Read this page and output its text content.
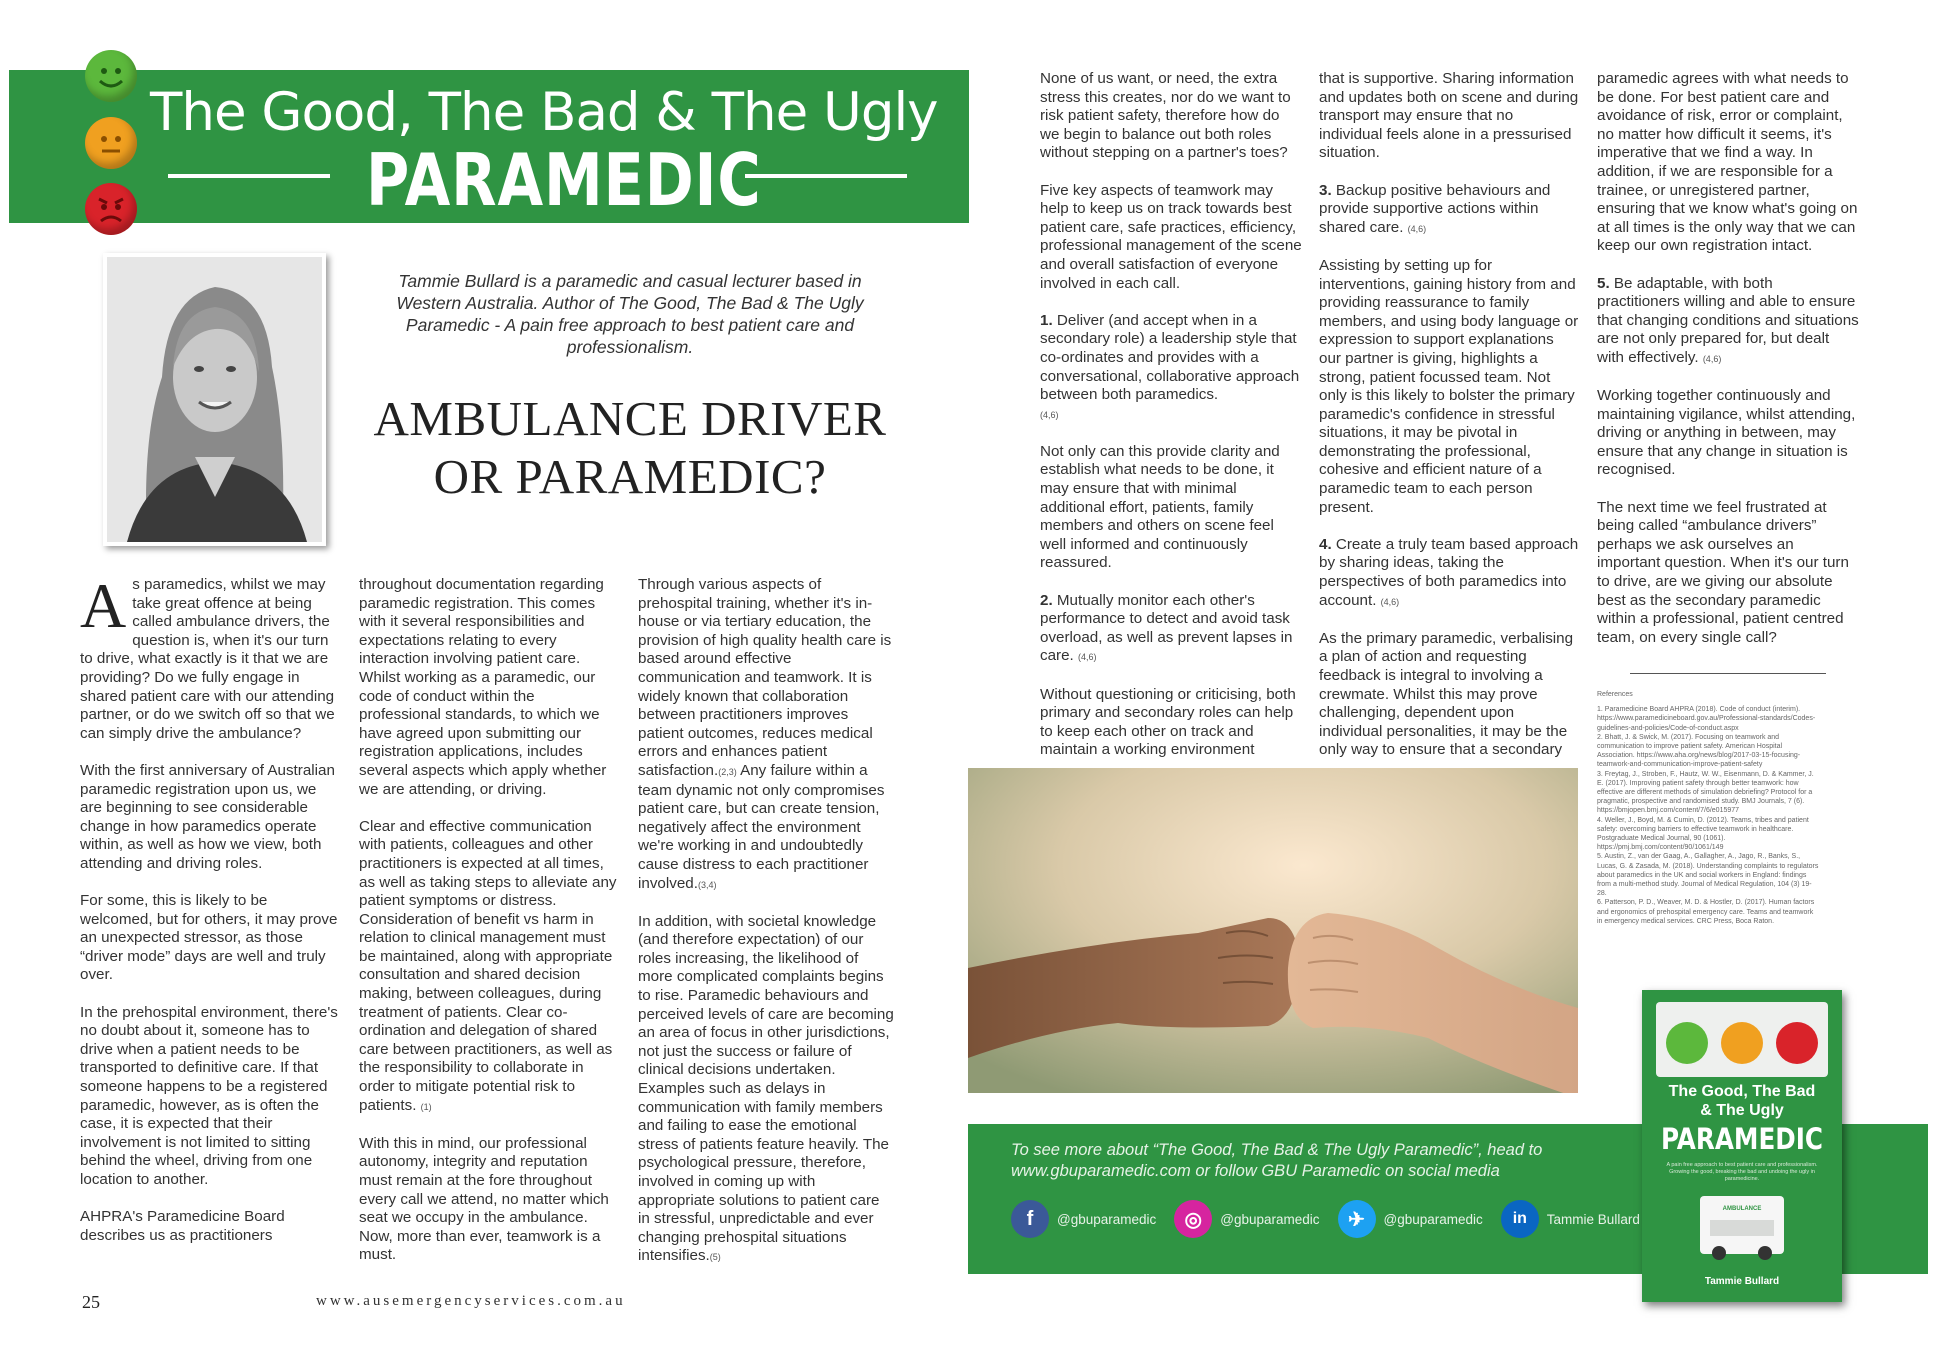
The Good, The Bad & The Ugly
PARAMEDIC
Tammie Bullard is a paramedic and casual lecturer based in Western Australia. Author of The Good, The Bad & The Ugly Paramedic - A pain free approach to best patient care and professionalism.
AMBULANCE DRIVER
OR PARAMEDIC?

As paramedics, whilst we may take great offence at being called ambulance drivers, the question is, when it's our turn to drive, what exactly is it that we are providing? Do we fully engage in shared patient care with our attending partner, or do we switch off so that we can simply drive the ambulance?

With the first anniversary of Australian paramedic registration upon us, we are beginning to see considerable change in how paramedics operate within, as well as how we view, both attending and driving roles.

For some, this is likely to be welcomed, but for others, it may prove an unexpected stressor, as those “driver mode” days are well and truly over.

In the prehospital environment, there's no doubt about it, someone has to drive when a patient needs to be transported to definitive care. If that someone happens to be a registered paramedic, however, as is often the case, it is expected that their involvement is not limited to sitting behind the wheel, driving from one location to another.

AHPRA's Paramedicine Board describes us as practitioners

throughout documentation regarding paramedic registration. This comes with it several responsibilities and expectations relating to every interaction involving patient care. Whilst working as a paramedic, our code of conduct within the professional standards, to which we have agreed upon submitting our registration applications, includes several aspects which apply whether we are attending, or driving.

Clear and effective communication with patients, colleagues and other practitioners is expected at all times, as well as taking steps to alleviate any patient symptoms or distress. Consideration of benefit vs harm in relation to clinical management must be maintained, along with appropriate consultation and shared decision making, between colleagues, during treatment of patients. Clear co-ordination and delegation of shared care between practitioners, as well as the responsibility to collaborate in order to mitigate potential risk to patients. (1)

With this in mind, our professional autonomy, integrity and reputation must remain at the fore throughout every call we attend, no matter which seat we occupy in the ambulance. Now, more than ever, teamwork is a must.

Through various aspects of prehospital training, whether it's in-house or via tertiary education, the provision of high quality health care is based around effective communication and teamwork. It is widely known that collaboration between practitioners improves patient outcomes, reduces medical errors and enhances patient satisfaction.(2,3) Any failure within a team dynamic not only compromises patient care, but can create tension, negatively affect the environment we're working in and undoubtedly cause distress to each practitioner involved.(3,4)

In addition, with societal knowledge (and therefore expectation) of our roles increasing, the likelihood of more complicated complaints begins to rise. Paramedic behaviours and perceived levels of care are becoming an area of focus in other jurisdictions, not just the success or failure of clinical decisions undertaken. Examples such as delays in communication with family members and failing to ease the emotional stress of patients feature heavily. The psychological pressure, therefore, involved in coming up with appropriate solutions to patient care in stressful, unpredictable and ever changing prehospital situations intensifies.(5)

None of us want, or need, the extra stress this creates, nor do we want to risk patient safety, therefore how do we begin to balance out both roles without stepping on a partner's toes?

Five key aspects of teamwork may help to keep us on track towards best patient care, safe practices, efficiency, professional management of the scene and overall satisfaction of everyone involved in each call.

1. Deliver (and accept when in a secondary role) a leadership style that co-ordinates and provides with a conversational, collaborative approach between both paramedics.
(4,6)

Not only can this provide clarity and establish what needs to be done, it may ensure that with minimal additional effort, patients, family members and others on scene feel well informed and continuously reassured.

2. Mutually monitor each other's performance to detect and avoid task overload, as well as prevent lapses in care. (4,6)

Without questioning or criticising, both primary and secondary roles can help to keep each other on track and maintain a working environment

that is supportive. Sharing information and updates both on scene and during transport may ensure that no individual feels alone in a pressurised situation.

3. Backup positive behaviours and provide supportive actions within shared care. (4,6)

Assisting by setting up for interventions, gaining history from and providing reassurance to family members, and using body language or expression to support explanations our partner is giving, highlights a strong, patient focussed team. Not only is this likely to bolster the primary paramedic's confidence in stressful situations, it may be pivotal in demonstrating the professional, cohesive and efficient nature of a paramedic team to each person present.

4. Create a truly team based approach by sharing ideas, taking the perspectives of both paramedics into account. (4,6)

As the primary paramedic, verbalising a plan of action and requesting feedback is integral to involving a crewmate. Whilst this may prove challenging, dependent upon individual personalities, it may be the only way to ensure that a secondary

paramedic agrees with what needs to be done. For best patient care and avoidance of risk, error or complaint, no matter how difficult it seems, it's imperative that we find a way. In addition, if we are responsible for a trainee, or unregistered partner, ensuring that we know what's going on at all times is the only way that we can keep our own registration intact.

5. Be adaptable, with both practitioners willing and able to ensure that changing conditions and situations are not only prepared for, but dealt with effectively. (4,6)

Working together continuously and maintaining vigilance, whilst attending, driving or anything in between, may ensure that any change in situation is recognised.

The next time we feel frustrated at being called “ambulance drivers” perhaps we ask ourselves an important question. When it's our turn to drive, are we giving our absolute best as the secondary paramedic within a professional, patient centred team, on every single call?

References
1. Paramedicine Board AHPRA (2018). Code of conduct (interim). https://www.paramedicineboard.gov.au/Professional-standards/Codes-guidelines-and-policies/Code-of-conduct.aspx
2. Bhatt, J. & Swick, M. (2017). Focusing on teamwork and communication to improve patient safety. American Hospital Association. https://www.aha.org/news/blog/2017-03-15-focusing-teamwork-and-communication-improve-patient-safety
3. Freytag, J., Stroben, F., Hautz, W. W., Eisenmann, D. & Kammer, J. E. (2017). Improving patient safety through better teamwork: how effective are different methods of simulation debriefing? Protocol for a pragmatic, prospective and randomised study. BMJ Journals, 7 (6). https://bmjopen.bmj.com/content/7/6/e015977
4. Weller, J., Boyd, M. & Cumin, D. (2012). Teams, tribes and patient safety: overcoming barriers to effective teamwork in healthcare. Postgraduate Medical Journal, 90 (1061). https://pmj.bmj.com/content/90/1061/149
5. Austin, Z., van der Gaag, A., Gallagher, A., Jago, R., Banks, S., Lucas, G. & Zasada, M. (2018). Understanding complaints to regulators about paramedics in the UK and social workers in England: findings from a multi-method study. Journal of Medical Regulation, 104 (3) 19-28.
6. Patterson, P. D., Weaver, M. D. & Hostler, D. (2017). Human factors and ergonomics of prehospital emergency care. Teams and teamwork in emergency medical services. CRC Press, Boca Raton.
To see more about “The Good, The Bad & The Ugly Paramedic”, head to www.gbuparamedic.com or follow GBU Paramedic on social media
f @gbuparamedic ◎ @gbuparamedic ✈ @gbuparamedic in Tammie Bullard
The Good, The Bad
& The Ugly
PARAMEDIC
A pain free approach to best patient care and professionalism. Growing the good, breaking the bad and undoing the ugly in paramedicine.
AMBULANCE
Tammie Bullard
25	www.ausemergencyservices.com.au
